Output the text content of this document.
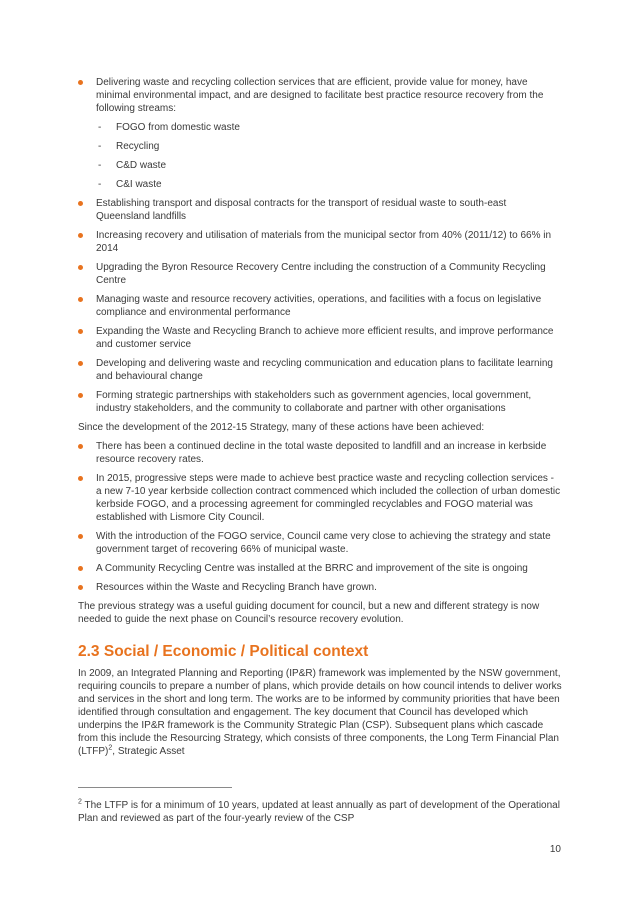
Delivering waste and recycling collection services that are efficient, provide value for money, have minimal environmental impact, and are designed to facilitate best practice resource recovery from the following streams:
- FOGO from domestic waste
- Recycling
- C&D waste
- C&I waste
Establishing transport and disposal contracts for the transport of residual waste to south-east Queensland landfills
Increasing recovery and utilisation of materials from the municipal sector from 40% (2011/12) to 66% in 2014
Upgrading the Byron Resource Recovery Centre including the construction of a Community Recycling Centre
Managing waste and resource recovery activities, operations, and facilities with a focus on legislative compliance and environmental performance
Expanding the Waste and Recycling Branch to achieve more efficient results, and improve performance and customer service
Developing and delivering waste and recycling communication and education plans to facilitate learning and behavioural change
Forming strategic partnerships with stakeholders such as government agencies, local government, industry stakeholders, and the community to collaborate and partner with other organisations

Since the development of the 2012-15 Strategy, many of these actions have been achieved:

There has been a continued decline in the total waste deposited to landfill and an increase in kerbside resource recovery rates.
In 2015, progressive steps were made to achieve best practice waste and recycling collection services - a new 7-10 year kerbside collection contract commenced which included the collection of urban domestic kerbside FOGO, and a processing agreement for commingled recyclables and FOGO material was established with Lismore City Council.
With the introduction of the FOGO service, Council came very close to achieving the strategy and state government target of recovering 66% of municipal waste.
A Community Recycling Centre was installed at the BRRC and improvement of the site is ongoing
Resources within the Waste and Recycling Branch have grown.

The previous strategy was a useful guiding document for council, but a new and different strategy is now needed to guide the next phase on Council’s resource recovery evolution.

2.3 Social / Economic / Political context

In 2009, an Integrated Planning and Reporting (IP&R) framework was implemented by the NSW government, requiring councils to prepare a number of plans, which provide details on how council intends to deliver works and services in the short and long term. The works are to be informed by community priorities that have been identified through consultation and engagement. The key document that Council has developed which underpins the IP&R framework is the Community Strategic Plan (CSP). Subsequent plans which cascade from this include the Resourcing Strategy, which consists of three components, the Long Term Financial Plan (LTFP)$^2$, Strategic Asset

$^2$ The LTFP is for a minimum of 10 years, updated at least annually as part of development of the Operational Plan and reviewed as part of the four-yearly review of the CSP
10
